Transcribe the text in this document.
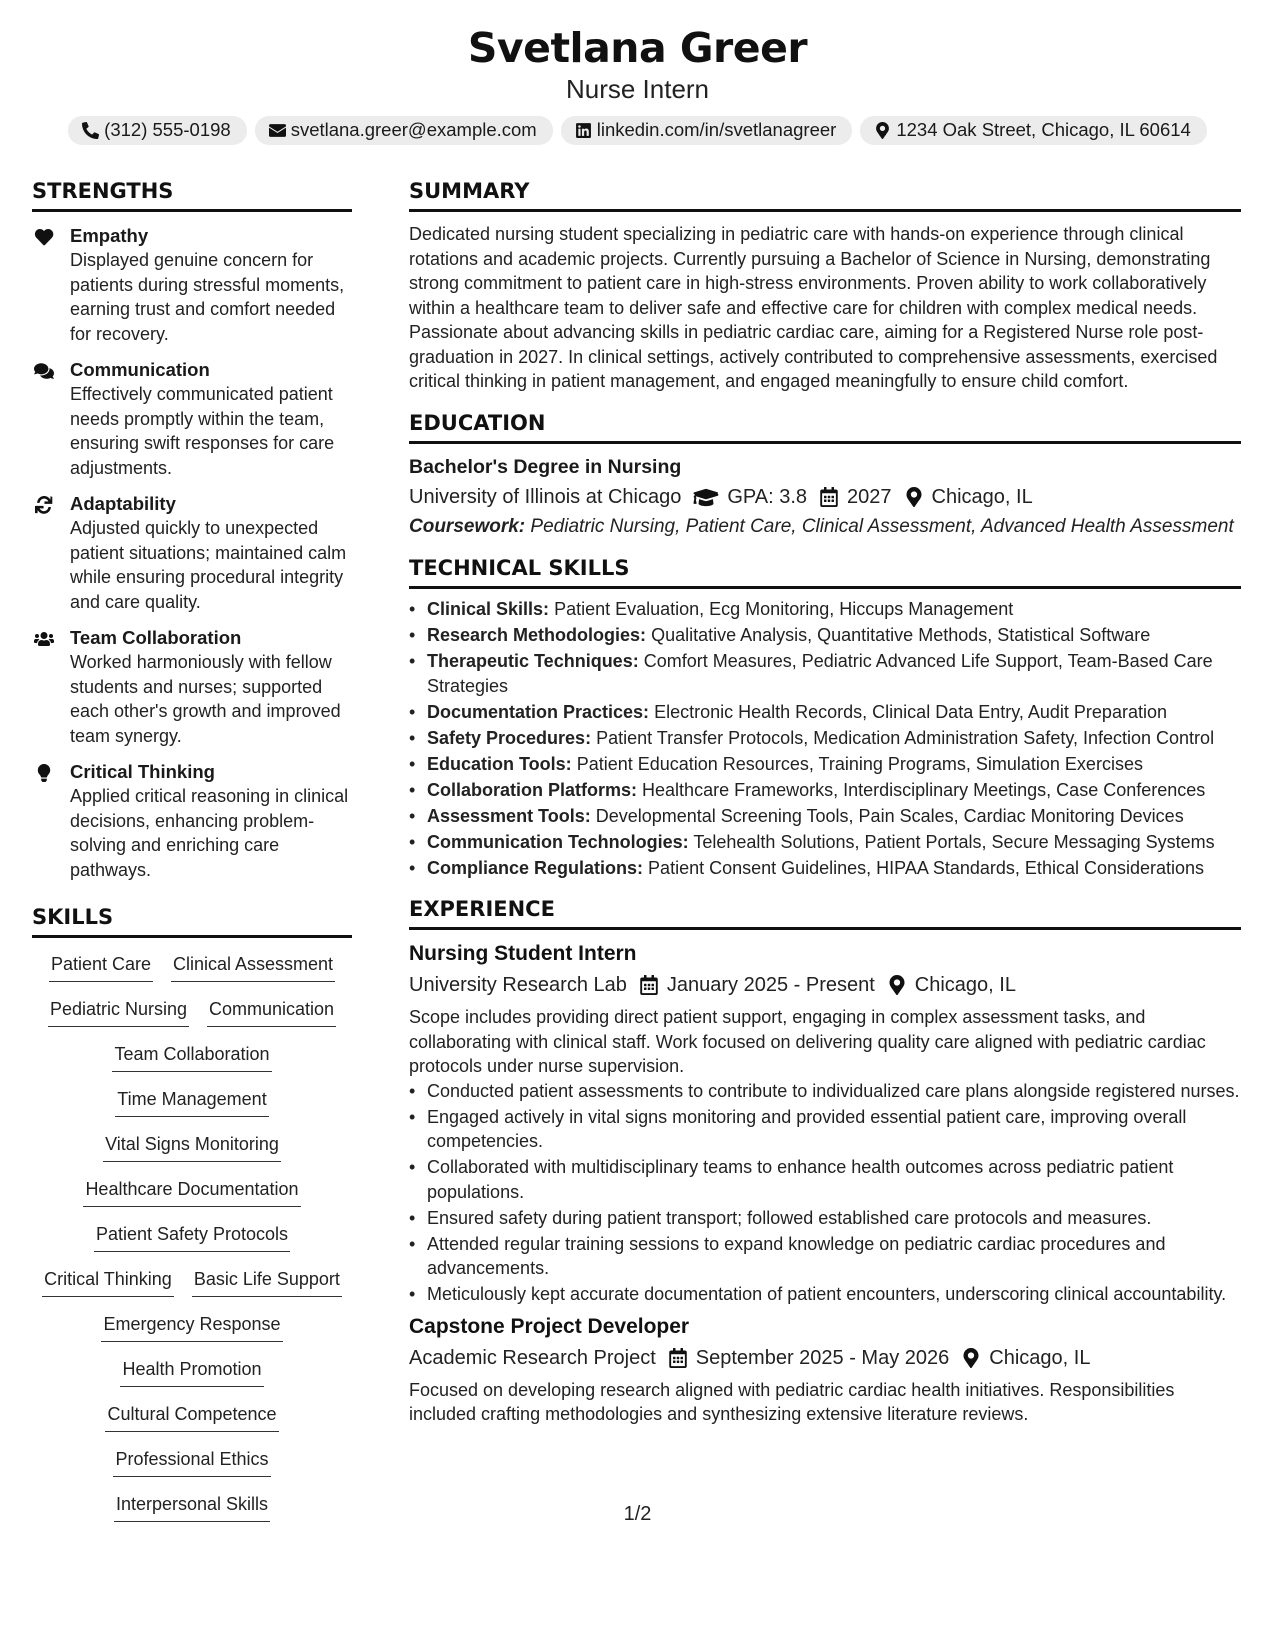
Svetlana Greer
Nurse Intern
(312) 555-0198	svetlana.greer@example.com	linkedin.com/in/svetlanagreer	1234 Oak Street, Chicago, IL 60614
STRENGTHS
Empathy
Displayed genuine concern for patients during stressful moments, earning trust and comfort needed for recovery.
Communication
Effectively communicated patient needs promptly within the team, ensuring swift responses for care adjustments.
Adaptability
Adjusted quickly to unexpected patient situations; maintained calm while ensuring procedural integrity and care quality.
Team Collaboration
Worked harmoniously with fellow students and nurses; supported each other's growth and improved team synergy.
Critical Thinking
Applied critical reasoning in clinical decisions, enhancing problem-solving and enriching care pathways.
SKILLS
Patient Care Clinical Assessment
Pediatric Nursing Communication
Team Collaboration
Time Management
Vital Signs Monitoring
Healthcare Documentation
Patient Safety Protocols
Critical Thinking Basic Life Support
Emergency Response
Health Promotion
Cultural Competence
Professional Ethics
Interpersonal Skills
SUMMARY
Dedicated nursing student specializing in pediatric care with hands-on experience through clinical rotations and academic projects. Currently pursuing a Bachelor of Science in Nursing, demonstrating strong commitment to patient care in high-stress environments. Proven ability to work collaboratively within a healthcare team to deliver safe and effective care for children with complex medical needs. Passionate about advancing skills in pediatric cardiac care, aiming for a Registered Nurse role post-graduation in 2027. In clinical settings, actively contributed to comprehensive assessments, exercised critical thinking in patient management, and engaged meaningfully to ensure child comfort.
EDUCATION
Bachelor's Degree in Nursing
University of Illinois at Chicago GPA: 3.8 2027 Chicago, IL
Coursework: Pediatric Nursing, Patient Care, Clinical Assessment, Advanced Health Assessment
TECHNICAL SKILLS
• Clinical Skills: Patient Evaluation, Ecg Monitoring, Hiccups Management
• Research Methodologies: Qualitative Analysis, Quantitative Methods, Statistical Software
• Therapeutic Techniques: Comfort Measures, Pediatric Advanced Life Support, Team-Based Care Strategies
• Documentation Practices: Electronic Health Records, Clinical Data Entry, Audit Preparation
• Safety Procedures: Patient Transfer Protocols, Medication Administration Safety, Infection Control
• Education Tools: Patient Education Resources, Training Programs, Simulation Exercises
• Collaboration Platforms: Healthcare Frameworks, Interdisciplinary Meetings, Case Conferences
• Assessment Tools: Developmental Screening Tools, Pain Scales, Cardiac Monitoring Devices
• Communication Technologies: Telehealth Solutions, Patient Portals, Secure Messaging Systems
• Compliance Regulations: Patient Consent Guidelines, HIPAA Standards, Ethical Considerations
EXPERIENCE
Nursing Student Intern
University Research Lab January 2025 - Present Chicago, IL
Scope includes providing direct patient support, engaging in complex assessment tasks, and collaborating with clinical staff. Work focused on delivering quality care aligned with pediatric cardiac protocols under nurse supervision.
• Conducted patient assessments to contribute to individualized care plans alongside registered nurses.
• Engaged actively in vital signs monitoring and provided essential patient care, improving overall competencies.
• Collaborated with multidisciplinary teams to enhance health outcomes across pediatric patient populations.
• Ensured safety during patient transport; followed established care protocols and measures.
• Attended regular training sessions to expand knowledge on pediatric cardiac procedures and advancements.
• Meticulously kept accurate documentation of patient encounters, underscoring clinical accountability.
Capstone Project Developer
Academic Research Project September 2025 - May 2026 Chicago, IL
Focused on developing research aligned with pediatric cardiac health initiatives. Responsibilities included crafting methodologies and synthesizing extensive literature reviews.
1/2
